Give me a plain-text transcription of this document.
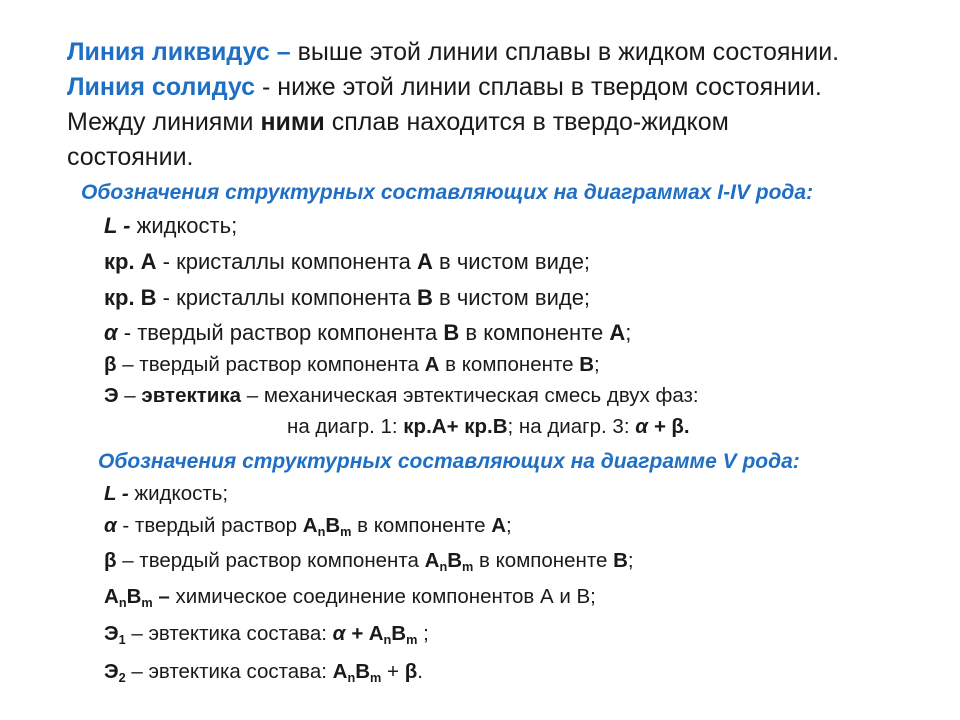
Линия ликвидус – выше этой линии сплавы в жидком состоянии.
Линия солидус - ниже этой линии сплавы в твердом состоянии.
Между линиями ними сплав находится в твердо-жидком
состоянии.
Обозначения структурных составляющих на диаграммах I-IV рода:
L - жидкость;
кр. А - кристаллы компонента А в чистом виде;
кр. В - кристаллы компонента В в чистом виде;
α - твердый раствор компонента В в компоненте А;
β – твердый раствор компонента А в компоненте В;
Э – эвтектика – механическая эвтектическая смесь двух фаз:
на диагр. 1: кр.А+ кр.В; на диагр. 3: α + β.
Обозначения структурных составляющих на диаграмме V рода:
L - жидкость;
α - твердый раствор $А_nВ_m$ в компоненте А;
β – твердый раствор компонента $А_nВ_m$ в компоненте В;
$А_nВ_m$ – химическое соединение компонентов А и В;
$Э_1$ – эвтектика состава: $\alpha + А_nВ_m$ ;
$Э_2$ – эвтектика состава: $А_nВ_m + \beta$.
